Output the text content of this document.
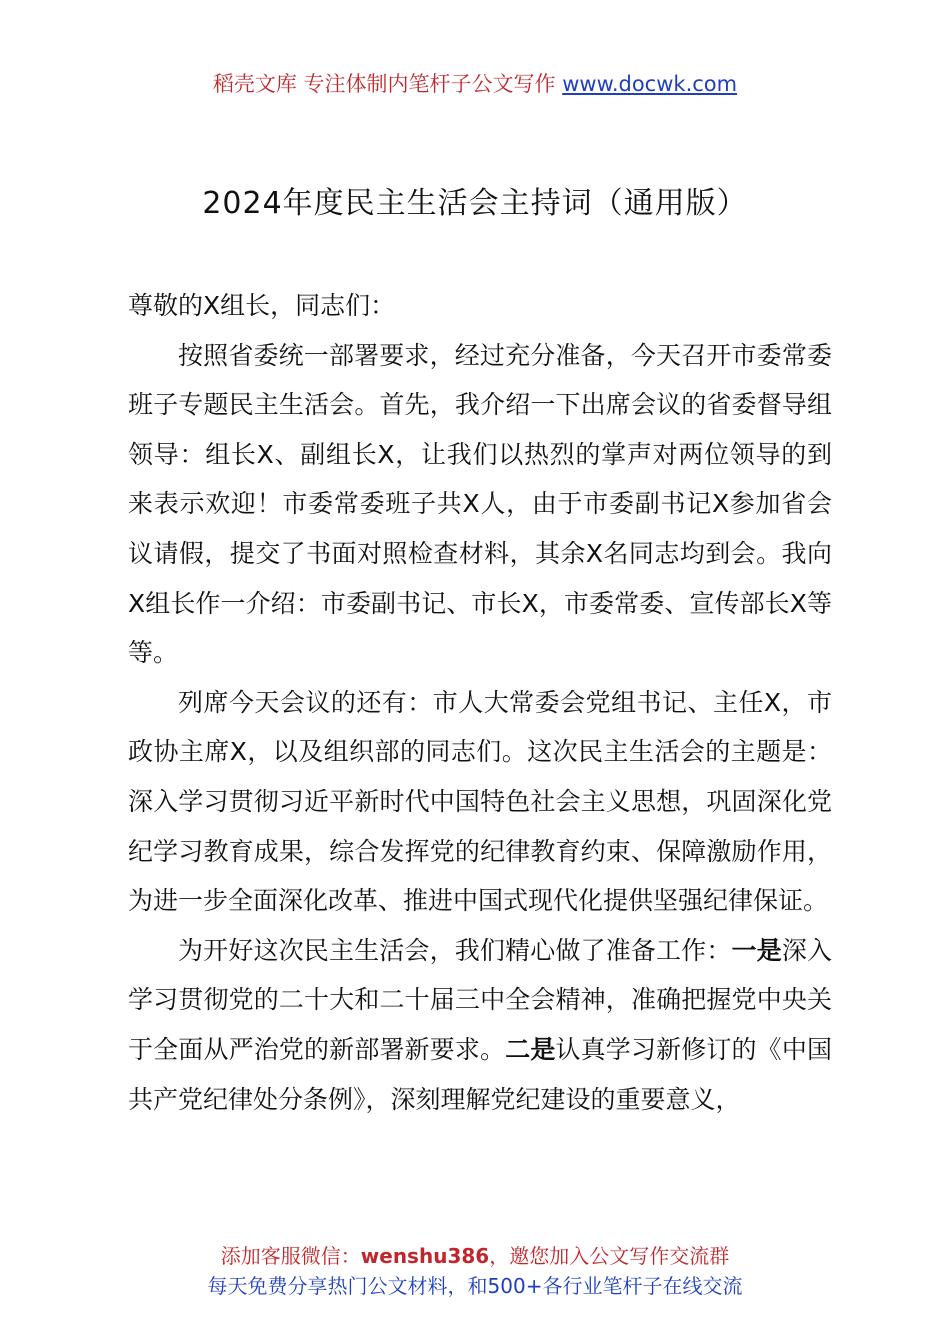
稻壳文库 专注体制内笔杆子公文写作 www.docwk.com
2024年度民主生活会主持词（通用版）

尊敬的X组长，同志们：

按照省委统一部署要求，经过充分准备，今天召开市委常委班子专题民主生活会。首先，我介绍一下出席会议的省委督导组领导：组长X、副组长X，让我们以热烈的掌声对两位领导的到来表示欢迎！市委常委班子共X人，由于市委副书记X参加省会议请假，提交了书面对照检查材料，其余X名同志均到会。我向X组长作一介绍：市委副书记、市长X，市委常委、宣传部长X等等。

列席今天会议的还有：市人大常委会党组书记、主任X，市政协主席X，以及组织部的同志们。这次民主生活会的主题是：深入学习贯彻习近平新时代中国特色社会主义思想，巩固深化党纪学习教育成果，综合发挥党的纪律教育约束、保障激励作用，为进一步全面深化改革、推进中国式现代化提供坚强纪律保证。

为开好这次民主生活会，我们精心做了准备工作：一是深入学习贯彻党的二十大和二十届三中全会精神，准确把握党中央关于全面从严治党的新部署新要求。二是认真学习新修订的《中国共产党纪律处分条例》，深刻理解党纪建设的重要意义，

添加客服微信：wenshu386，邀您加入公文写作交流群
每天免费分享热门公文材料，和500+各行业笔杆子在线交流
